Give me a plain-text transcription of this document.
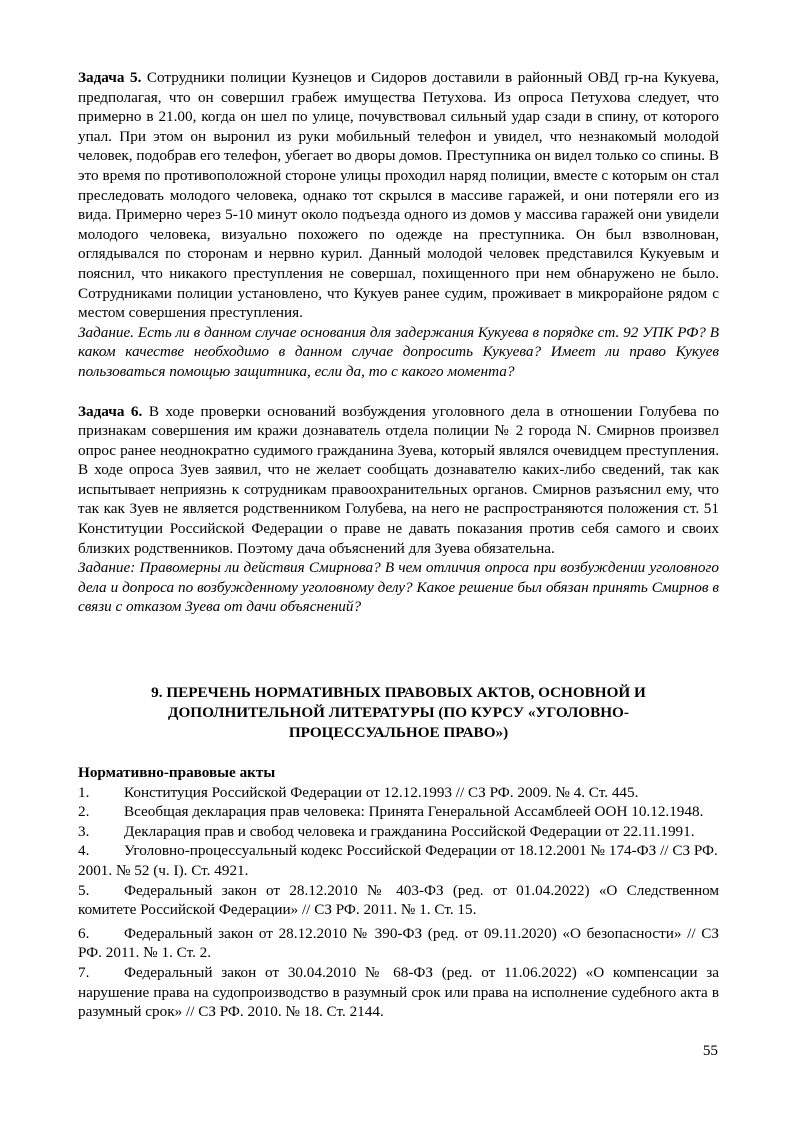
Задача 5. Сотрудники полиции Кузнецов и Сидоров доставили в районный ОВД гр-на Кукуева, предполагая, что он совершил грабеж имущества Петухова. Из опроса Петухова следует, что примерно в 21.00, когда он шел по улице, почувствовал сильный удар сзади в спину, от которого упал. При этом он выронил из руки мобильный телефон и увидел, что незнакомый молодой человек, подобрав его телефон, убегает во дворы домов. Преступника он видел только со спины. В это время по противоположной стороне улицы проходил наряд полиции, вместе с которым он стал преследовать молодого человека, однако тот скрылся в массиве гаражей, и они потеряли его из вида. Примерно через 5-10 минут около подъезда одного из домов у массива гаражей они увидели молодого человека, визуально похожего по одежде на преступника. Он был взволнован, оглядывался по сторонам и нервно курил. Данный молодой человек представился Кукуевым и пояснил, что никакого преступления не совершал, похищенного при нем обнаружено не было. Сотрудниками полиции установлено, что Кукуев ранее судим, проживает в микрорайоне рядом с местом совершения преступления.

Задание. Есть ли в данном случае основания для задержания Кукуева в порядке ст. 92 УПК РФ? В каком качестве необходимо в данном случае допросить Кукуева? Имеет ли право Кукуев пользоваться помощью защитника, если да, то с какого момента?

Задача 6. В ходе проверки оснований возбуждения уголовного дела в отношении Голубева по признакам совершения им кражи дознаватель отдела полиции № 2 города N. Смирнов произвел опрос ранее неоднократно судимого гражданина Зуева, который являлся очевидцем преступления. В ходе опроса Зуев заявил, что не желает сообщать дознавателю каких-либо сведений, так как испытывает неприязнь к сотрудникам правоохранительных органов. Смирнов разъяснил ему, что так как Зуев не является родственником Голубева, на него не распространяются положения ст. 51 Конституции Российской Федерации о праве не давать показания против себя самого и своих близких родственников. Поэтому дача объяснений для Зуева обязательна.

Задание: Правомерны ли действия Смирнова? В чем отличия опроса при возбуждении уголовного дела и допроса по возбужденному уголовному делу? Какое решение был обязан принять Смирнов в связи с отказом Зуева от дачи объяснений?

9. ПЕРЕЧЕНЬ НОРМАТИВНЫХ ПРАВОВЫХ АКТОВ, ОСНОВНОЙ И ДОПОЛНИТЕЛЬНОЙ ЛИТЕРАТУРЫ (ПО КУРСУ «УГОЛОВНО-ПРОЦЕССУАЛЬНОЕ ПРАВО»)

Нормативно-правовые акты

1. Конституция Российской Федерации от 12.12.1993 // СЗ РФ. 2009. № 4. Ст. 445.

2. Всеобщая декларация прав человека: Принята Генеральной Ассамблеей ООН 10.12.1948.

3. Декларация прав и свобод человека и гражданина Российской Федерации от 22.11.1991.

4. Уголовно-процессуальный кодекс Российской Федерации от 18.12.2001 № 174-ФЗ // СЗ РФ. 2001. № 52 (ч. I). Ст. 4921.

5. Федеральный закон от 28.12.2010 № 403-ФЗ (ред. от 01.04.2022) «О Следственном комитете Российской Федерации» // СЗ РФ. 2011. № 1. Ст. 15.

6. Федеральный закон от 28.12.2010 № 390-ФЗ (ред. от 09.11.2020) «О безопасности» // СЗ РФ. 2011. № 1. Ст. 2.

7. Федеральный закон от 30.04.2010 № 68-ФЗ (ред. от 11.06.2022) «О компенсации за нарушение права на судопроизводство в разумный срок или права на исполнение судебного акта в разумный срок» // СЗ РФ. 2010. № 18. Ст. 2144.

55
